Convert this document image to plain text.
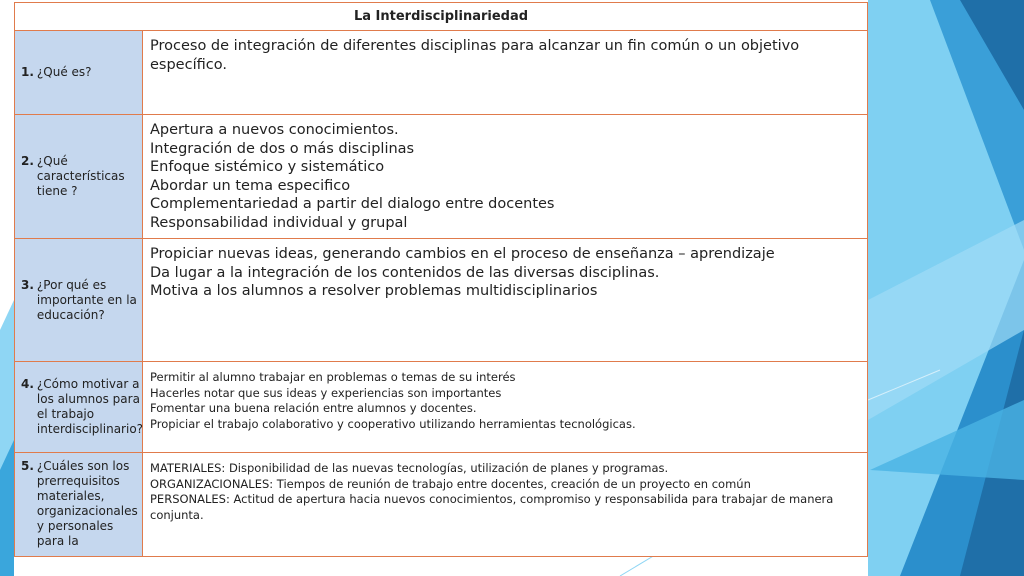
La Interdisciplinariedad
1. ¿Qué es?
Proceso de integración de diferentes disciplinas para alcanzar un fin común o un objetivo específico.
2. ¿Qué características tiene ?
Apertura a nuevos conocimientos.
Integración de dos o más disciplinas
Enfoque sistémico y sistemático
Abordar un tema especifico
Complementariedad a partir del dialogo entre docentes
Responsabilidad individual y grupal
3. ¿Por qué es importante en la educación?
Propiciar nuevas ideas, generando cambios en el proceso de enseñanza – aprendizaje
Da lugar a la integración de los contenidos de las diversas disciplinas.
Motiva a los alumnos a resolver problemas multidisciplinarios
4. ¿Cómo motivar a los alumnos para el trabajo interdisciplinario?
Permitir al alumno trabajar en problemas o temas de su interés
Hacerles notar que sus ideas y experiencias son importantes
Fomentar una buena relación entre alumnos y docentes.
Propiciar el trabajo colaborativo y cooperativo utilizando herramientas tecnológicas.
5. ¿Cuáles son los prerrequisitos materiales, organizacionales y personales para la
MATERIALES: Disponibilidad de las nuevas tecnologías, utilización de planes y programas.
ORGANIZACIONALES: Tiempos de reunión de trabajo entre docentes, creación de un proyecto en común
PERSONALES: Actitud de apertura hacia nuevos conocimientos, compromiso y responsabilida para trabajar de manera
conjunta.
